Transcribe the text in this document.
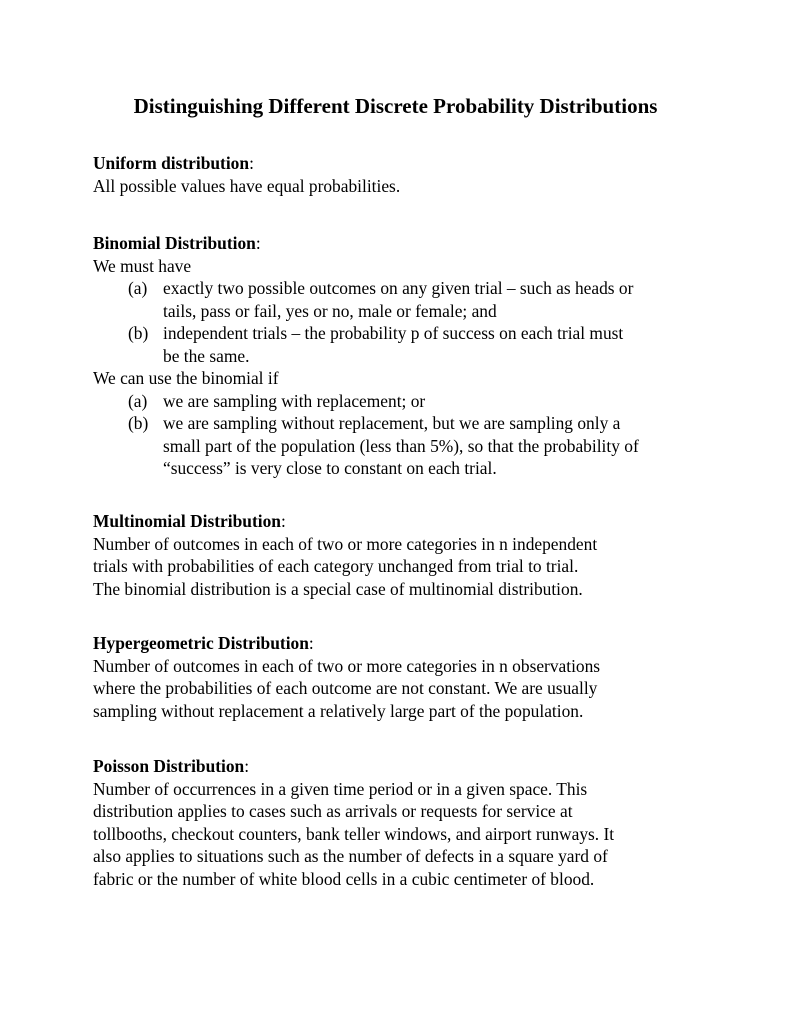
Distinguishing Different Discrete Probability Distributions
Uniform distribution:
All possible values have equal probabilities.
Binomial Distribution:
We must have
(a) exactly two possible outcomes on any given trial – such as heads or
tails, pass or fail, yes or no, male or female; and
(b) independent trials – the probability p of success on each trial must
be the same.
We can use the binomial if
(a) we are sampling with replacement; or
(b) we are sampling without replacement, but we are sampling only a
small part of the population (less than 5%), so that the probability of
“success” is very close to constant on each trial.
Multinomial Distribution:
Number of outcomes in each of two or more categories in n independent
trials with probabilities of each category unchanged from trial to trial.
The binomial distribution is a special case of multinomial distribution.
Hypergeometric Distribution:
Number of outcomes in each of two or more categories in n observations
where the probabilities of each outcome are not constant. We are usually
sampling without replacement a relatively large part of the population.
Poisson Distribution:
Number of occurrences in a given time period or in a given space. This
distribution applies to cases such as arrivals or requests for service at
tollbooths, checkout counters, bank teller windows, and airport runways. It
also applies to situations such as the number of defects in a square yard of
fabric or the number of white blood cells in a cubic centimeter of blood.
